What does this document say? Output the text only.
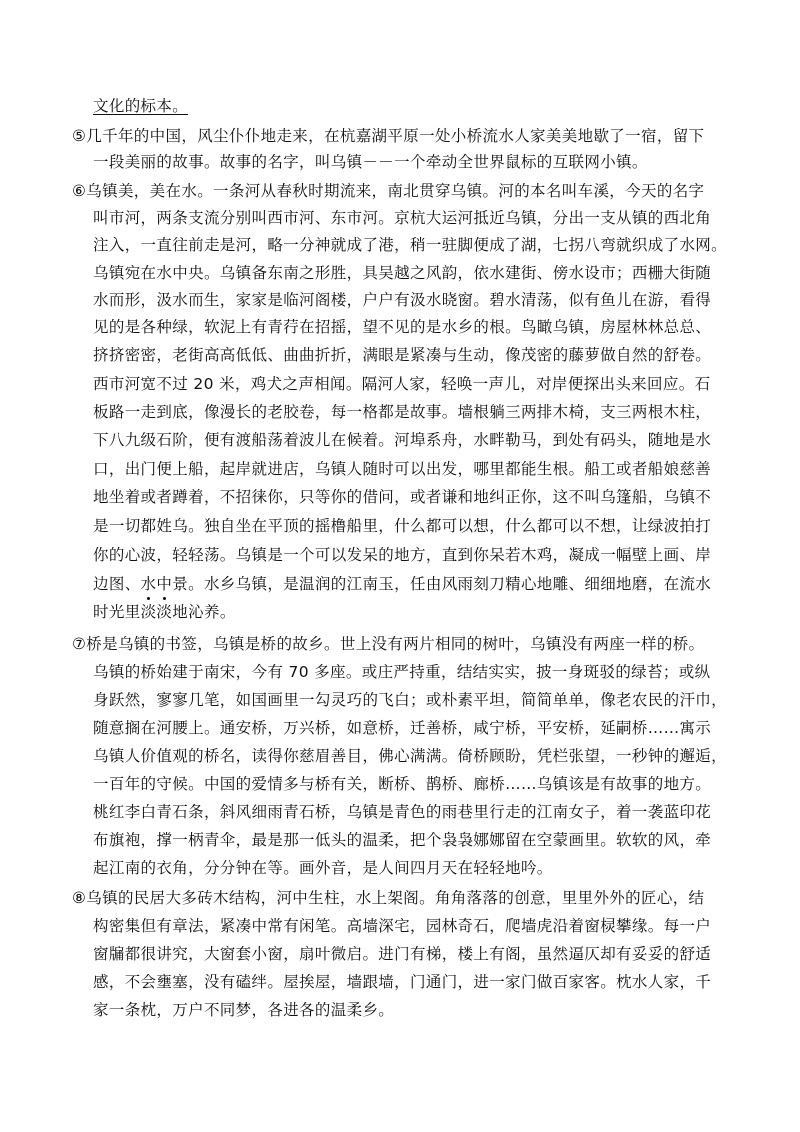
文化的标本。
⑤几千年的中国，风尘仆仆地走来，在杭嘉湖平原一处小桥流水人家美美地歇了一宿，留下
一段美丽的故事。故事的名字，叫乌镇－－一个牵动全世界鼠标的互联网小镇。
⑥乌镇美，美在水。一条河从春秋时期流来，南北贯穿乌镇。河的本名叫车溪，今天的名字
叫市河，两条支流分别叫西市河、东市河。京杭大运河抵近乌镇，分出一支从镇的西北角
注入，一直往前走是河，略一分神就成了港，稍一驻脚便成了湖，七拐八弯就织成了水网。
乌镇宛在水中央。乌镇备东南之形胜，具吴越之风韵，依水建街、傍水设市；西栅大街随
水而形，汲水而生，家家是临河阁楼，户户有汲水晓窗。碧水清荡，似有鱼儿在游，看得
见的是各种绿，软泥上有青荇在招摇，望不见的是水乡的根。鸟瞰乌镇，房屋林林总总、
挤挤密密，老街高高低低、曲曲折折，满眼是紧凑与生动，像茂密的藤萝做自然的舒卷。
西市河宽不过 20 米，鸡犬之声相闻。隔河人家，轻唤一声儿，对岸便探出头来回应。石
板路一走到底，像漫长的老胶卷，每一格都是故事。墙根躺三两排木椅，支三两根木柱，
下八九级石阶，便有渡船荡着波儿在候着。河埠系舟，水畔勒马，到处有码头，随地是水
口，出门便上船，起岸就进店，乌镇人随时可以出发，哪里都能生根。船工或者船娘慈善
地坐着或者蹲着，不招徕你，只等你的借问，或者谦和地纠正你，这不叫乌篷船，乌镇不
是一切都姓乌。独自坐在平顶的摇橹船里，什么都可以想，什么都可以不想，让绿波拍打
你的心波，轻轻荡。乌镇是一个可以发呆的地方，直到你呆若木鸡，凝成一幅壁上画、岸
边图、水中景。水乡乌镇，是温润的江南玉，任由风雨刻刀精心地雕、细细地磨，在流水
时光里淡淡地沁养。
⑦桥是乌镇的书签，乌镇是桥的故乡。世上没有两片相同的树叶，乌镇没有两座一样的桥。
乌镇的桥始建于南宋，今有 70 多座。或庄严持重，结结实实，披一身斑驳的绿苔；或纵
身跃然，寥寥几笔，如国画里一勾灵巧的飞白；或朴素平坦，简简单单，像老农民的汗巾，
随意搁在河腰上。通安桥，万兴桥，如意桥，迁善桥，咸宁桥，平安桥，延嗣桥……寓示
乌镇人价值观的桥名，读得你慈眉善目，佛心满满。倚桥顾盼，凭栏张望，一秒钟的邂逅，
一百年的守候。中国的爱情多与桥有关，断桥、鹊桥、廊桥……乌镇该是有故事的地方。
桃红李白青石条，斜风细雨青石桥，乌镇是青色的雨巷里行走的江南女子，着一袭蓝印花
布旗袍，撑一柄青伞，最是那一低头的温柔，把个袅袅娜娜留在空蒙画里。软软的风，牵
起江南的衣角，分分钟在等。画外音，是人间四月天在轻轻地吟。
⑧乌镇的民居大多砖木结构，河中生柱，水上架阁。角角落落的创意，里里外外的匠心，结
构密集但有章法，紧凑中常有闲笔。高墙深宅，园林奇石，爬墙虎沿着窗棂攀缘。每一户
窗牖都很讲究，大窗套小窗，扇叶微启。进门有梯，楼上有阁，虽然逼仄却有妥妥的舒适
感，不会壅塞，没有磕绊。屋挨屋，墙跟墙，门通门，进一家门做百家客。枕水人家，千
家一条枕，万户不同梦，各进各的温柔乡。
